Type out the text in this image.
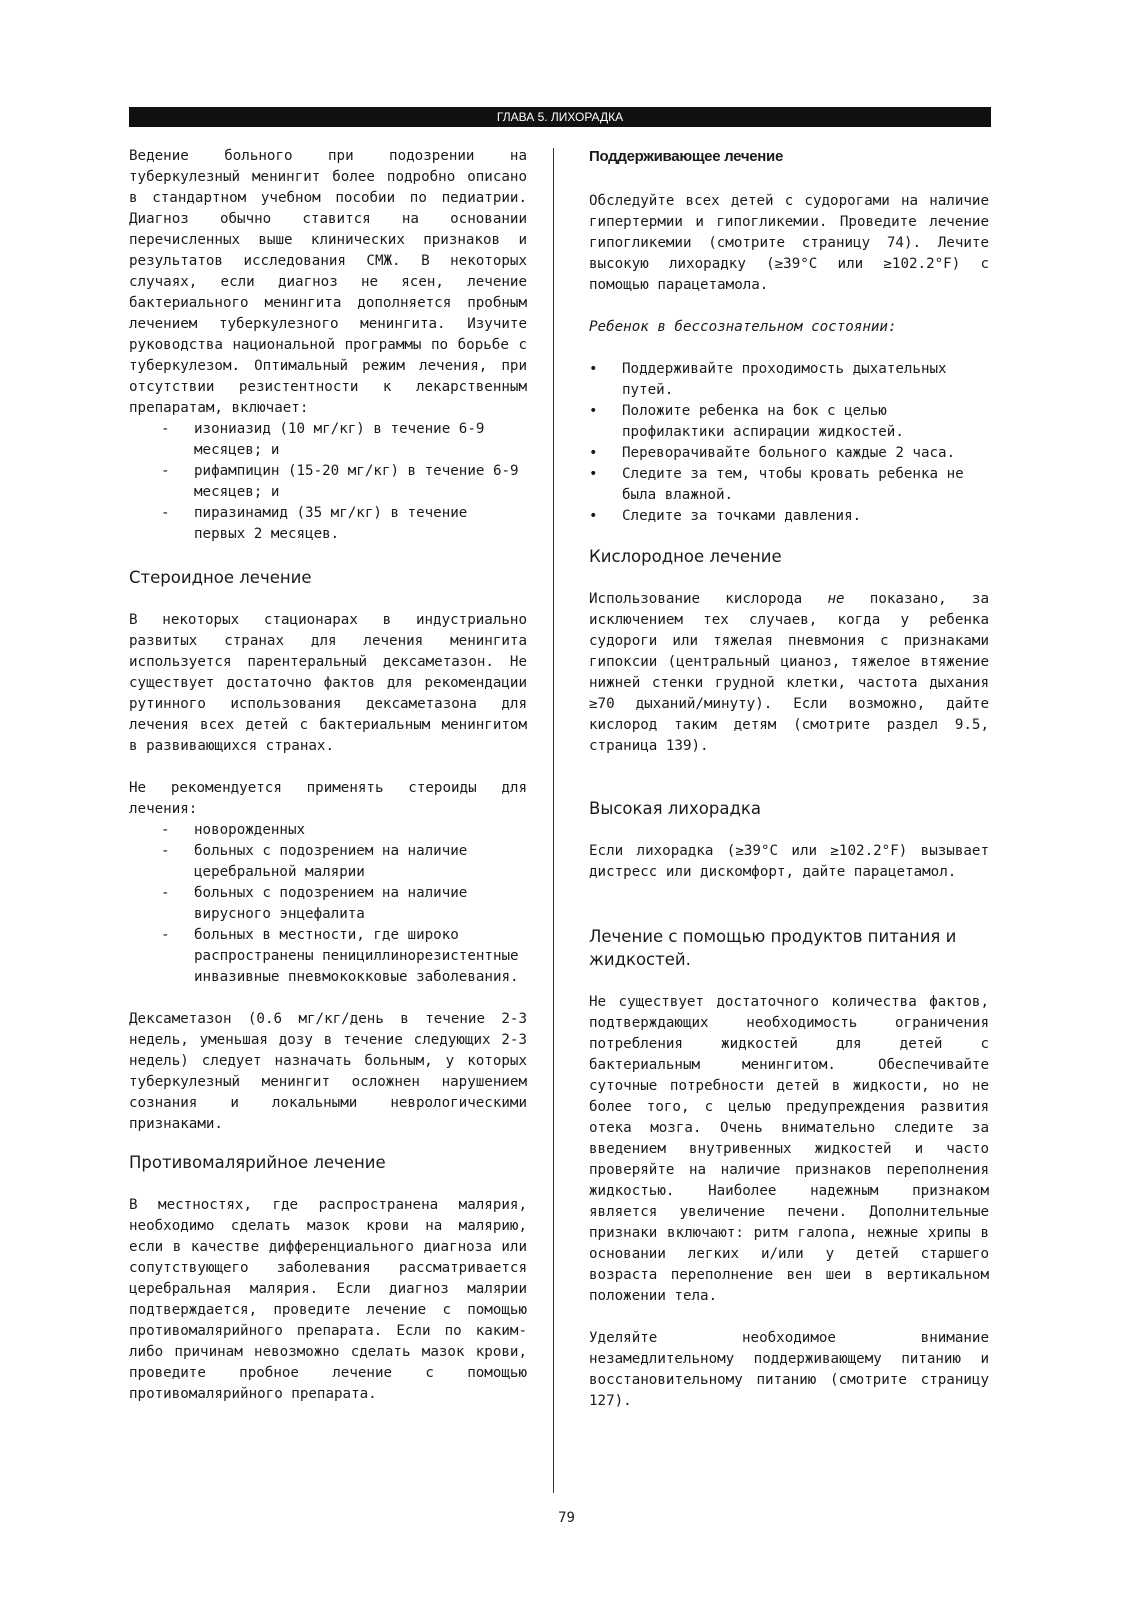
ГЛАВА 5. ЛИХОРАДКА

Ведение больного при подозрении на туберкулезный менингит более подробно описано в стандартном учебном пособии по педиатрии. Диагноз обычно ставится на основании перечисленных выше клинических признаков и результатов исследования СМЖ. В некоторых случаях, если диагноз не ясен, лечение бактериального менингита дополняется пробным лечением туберкулезного менингита. Изучите руководства национальной программы по борьбе с туберкулезом. Оптимальный режим лечения, при отсутствии резистентности к лекарственным препаратам, включает:

- изониазид (10 мг/кг) в течение 6-9 месяцев; и
- рифампицин (15-20 мг/кг) в течение 6-9 месяцев; и
- пиразинамид (35 мг/кг) в течение первых 2 месяцев.
Стероидное лечение

В некоторых стационарах в индустриально развитых странах для лечения менингита используется парентеральный дексаметазон. Не существует достаточно фактов для рекомендации рутинного использования дексаметазона для лечения всех детей с бактериальным менингитом в развивающихся странах.

Не рекомендуется применять стероиды для лечения:

- новорожденных
- больных с подозрением на наличие церебральной малярии
- больных с подозрением на наличие вирусного энцефалита
- больных в местности, где широко распространены пенициллинорезистентные инвазивные пневмококковые заболевания.

Дексаметазон (0.6 мг/кг/день в течение 2-3 недель, уменьшая дозу в течение следующих 2-3 недель) следует назначать больным, у которых туберкулезный менингит осложнен нарушением сознания и локальными неврологическими признаками.

Противомалярийное лечение

В местностях, где распространена малярия, необходимо сделать мазок крови на малярию, если в качестве дифференциального диагноза или сопутствующего заболевания рассматривается церебральная малярия. Если диагноз малярии подтверждается, проведите лечение с помощью противомалярийного препарата. Если по каким-либо причинам невозможно сделать мазок крови, проведите пробное лечение с помощью противомалярийного препарата.

Поддерживающее лечение

Обследуйте всех детей с судорогами на наличие гипертермии и гипогликемии. Проведите лечение гипогликемии (смотрите страницу 74). Лечите высокую лихорадку (≥39°C или ≥102.2°F) с помощью парацетамола.

Ребенок в бессознательном состоянии:

• Поддерживайте проходимость дыхательных путей.
• Положите ребенка на бок с целью профилактики аспирации жидкостей.
• Переворачивайте больного каждые 2 часа.
• Следите за тем, чтобы кровать ребенка не была влажной.
• Следите за точками давления.
Кислородное лечение

Использование кислорода не показано, за исключением тех случаев, когда у ребенка судороги или тяжелая пневмония с признаками гипоксии (центральный цианоз, тяжелое втяжение нижней стенки грудной клетки, частота дыхания ≥70 дыханий/минуту). Если возможно, дайте кислород таким детям (смотрите раздел 9.5, страница 139).

Высокая лихорадка

Если лихорадка (≥39°C или ≥102.2°F) вызывает дистресс или дискомфорт, дайте парацетамол.

Лечение с помощью продуктов питания и жидкостей.

Не существует достаточного количества фактов, подтверждающих необходимость ограничения потребления жидкостей для детей с бактериальным менингитом. Обеспечивайте суточные потребности детей в жидкости, но не более того, с целью предупреждения развития отека мозга. Очень внимательно следите за введением внутривенных жидкостей и часто проверяйте на наличие признаков переполнения жидкостью. Наиболее надежным признаком является увеличение печени. Дополнительные признаки включают: ритм галопа, нежные хрипы в основании легких и/или у детей старшего возраста переполнение вен шеи в вертикальном положении тела.

Уделяйте необходимое внимание незамедлительному поддерживающему питанию и восстановительному питанию (смотрите страницу 127).

79
